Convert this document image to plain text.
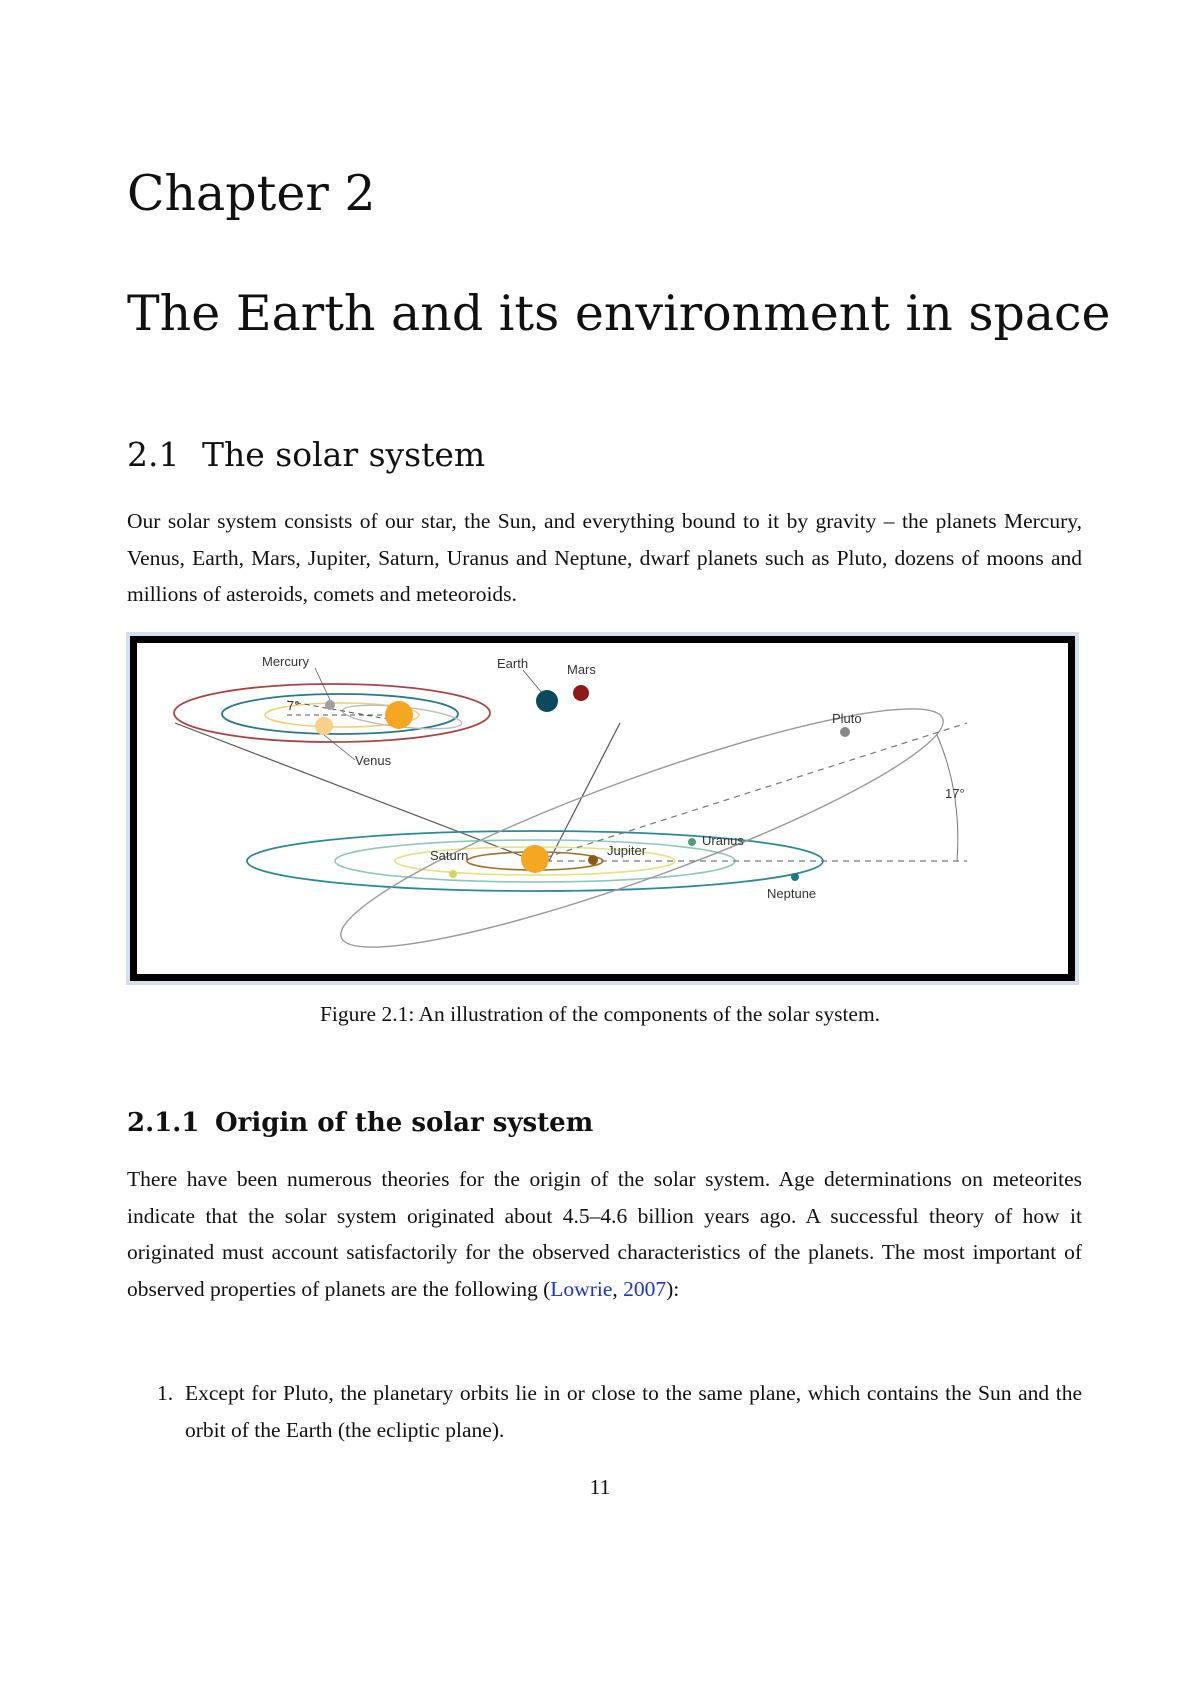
Chapter 2
The Earth and its environment in space
2.1 The solar system

Our solar system consists of our star, the Sun, and everything bound to it by gravity – the planets Mercury, Venus, Earth, Mars, Jupiter, Saturn, Uranus and Neptune, dwarf planets such as Pluto, dozens of moons and millions of asteroids, comets and meteoroids.

Mercury	Earth	Mars
7°
Venus
Pluto
17°
Saturn	Jupiter
Uranus
Neptune

Figure 2.1: An illustration of the components of the solar system.

2.1.1 Origin of the solar system

There have been numerous theories for the origin of the solar system. Age determinations on meteorites indicate that the solar system originated about 4.5–4.6 billion years ago. A successful theory of how it originated must account satisfactorily for the observed characteristics of the planets. The most important of observed properties of planets are the following (Lowrie, 2007):

1. Except for Pluto, the planetary orbits lie in or close to the same plane, which contains the Sun and the orbit of the Earth (the ecliptic plane).

11
